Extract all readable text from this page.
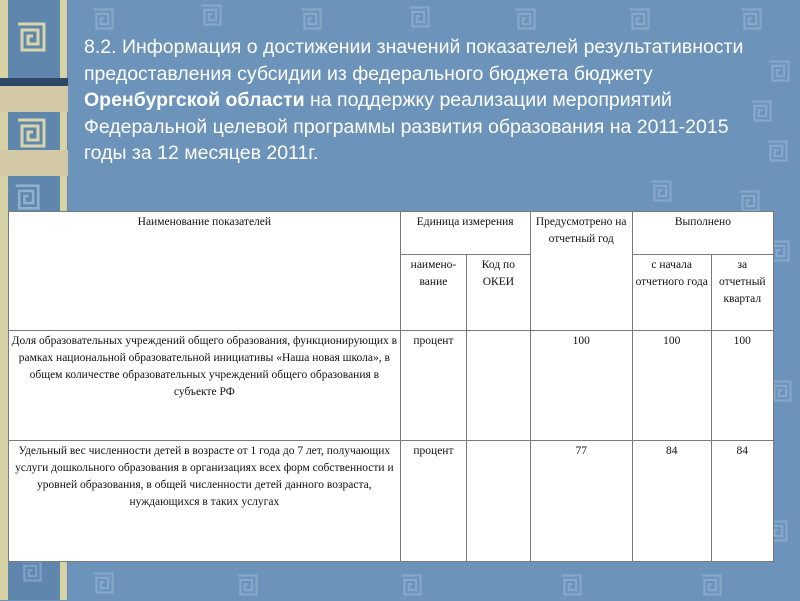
8.2. Информация о достижении значений показателей результативности предоставления субсидии из федерального бюджета бюджету Оренбургской области на поддержку реализации мероприятий Федеральной целевой программы развития образования на 2011-2015 годы за 12 месяцев 2011г.
Наименование показателей	Единица измерения		Предусмотрено на отчетный год	Выполнено	
	наимено-вание	Код по ОКЕИ		с начала отчетного года	за отчетный квартал
Доля образовательных учреждений общего образования, функционирующих в рамках национальной образовательной инициативы «Наша новая школа», в общем количестве образовательных учреждений общего образования в субъекте РФ	процент		100	100	100
Удельный вес численности детей в возрасте от 1 года до 7 лет, получающих услуги дошкольного образования в организациях всех форм собственности и уровней образования, в общей численности детей данного возраста, нуждающихся в таких услугах	процент		77	84	84
